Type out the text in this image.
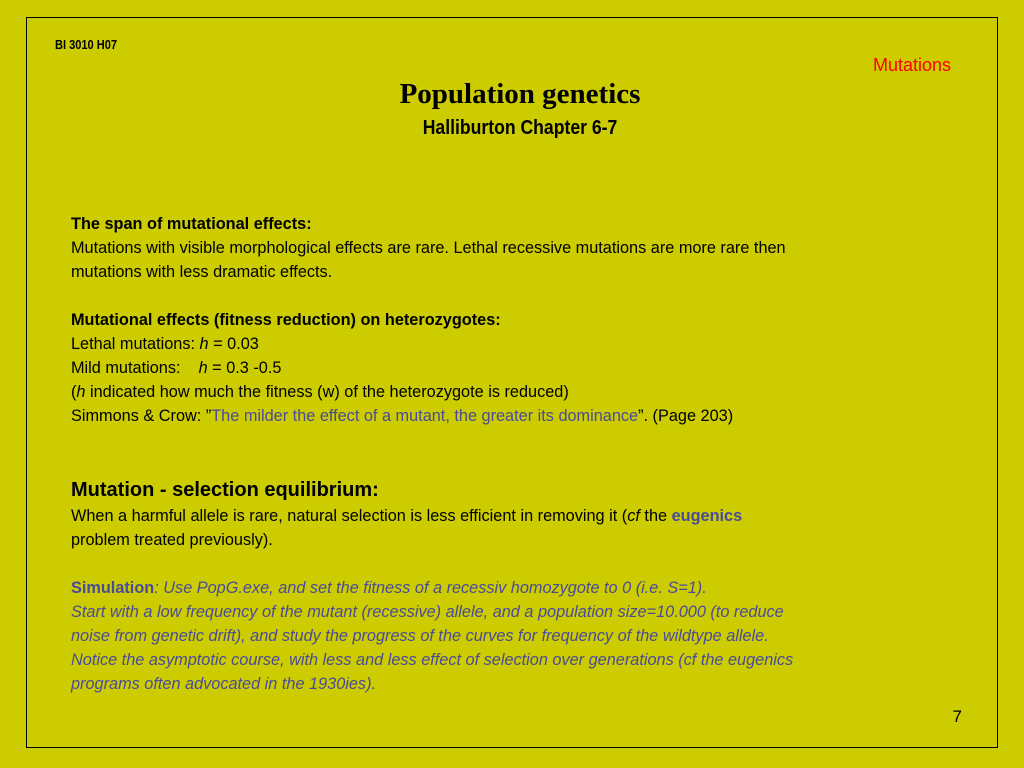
BI 3010 H07
Mutations
Population genetics
Halliburton Chapter 6-7

The span of mutational effects:

Mutations with visible morphological effects are rare. Lethal recessive mutations are more rare then

mutations with less dramatic effects.

Mutational effects (fitness reduction) on heterozygotes:

Lethal mutations: h = 0.03

Mild mutations:    h = 0.3 -0.5

(h indicated how much the fitness (w) of the heterozygote is reduced)

Simmons & Crow: ”The milder the effect of a mutant, the greater its dominance”. (Page 203)

Mutation - selection equilibrium:

When a harmful allele is rare, natural selection is less efficient in removing it (cf the eugenics

problem treated previously).

Simulation: Use PopG.exe, and set the fitness of a recessiv homozygote to 0 (i.e. S=1).

Start with a low frequency of the mutant (recessive) allele, and a population size=10.000 (to reduce

noise from genetic drift), and study the progress of the curves for frequency of the wildtype allele.

Notice the asymptotic course, with less and less effect of selection over generations (cf the eugenics

programs often advocated in the 1930ies).

7
